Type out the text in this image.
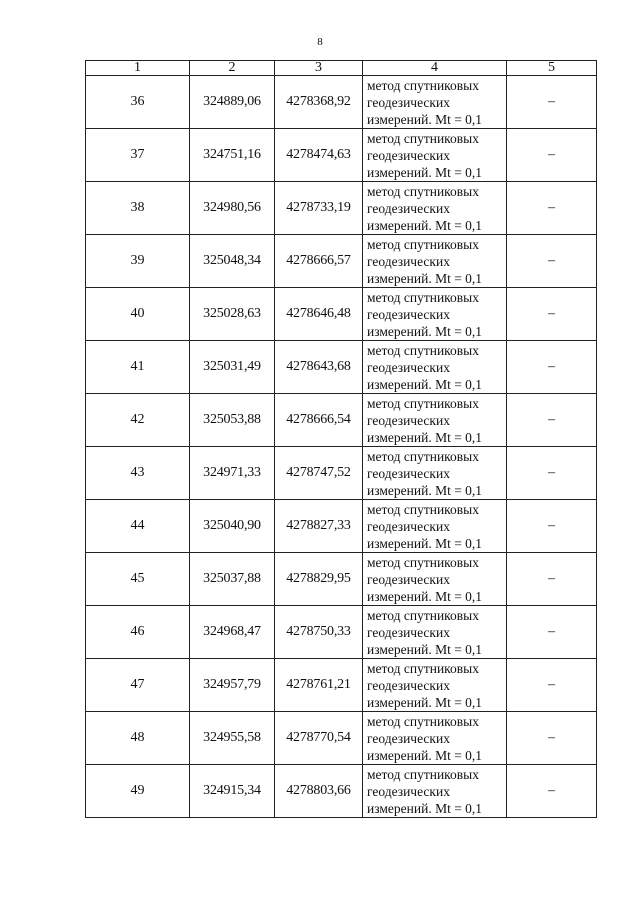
8
1	2	3	4	5
36	324889,06	4278368,92	метод спутниковых
геодезических
измерений. Mt = 0,1	–
37	324751,16	4278474,63	метод спутниковых
геодезических
измерений. Mt = 0,1	–
38	324980,56	4278733,19	метод спутниковых
геодезических
измерений. Mt = 0,1	–
39	325048,34	4278666,57	метод спутниковых
геодезических
измерений. Mt = 0,1	–
40	325028,63	4278646,48	метод спутниковых
геодезических
измерений. Mt = 0,1	–
41	325031,49	4278643,68	метод спутниковых
геодезических
измерений. Mt = 0,1	–
42	325053,88	4278666,54	метод спутниковых
геодезических
измерений. Mt = 0,1	–
43	324971,33	4278747,52	метод спутниковых
геодезических
измерений. Mt = 0,1	–
44	325040,90	4278827,33	метод спутниковых
геодезических
измерений. Mt = 0,1	–
45	325037,88	4278829,95	метод спутниковых
геодезических
измерений. Mt = 0,1	–
46	324968,47	4278750,33	метод спутниковых
геодезических
измерений. Mt = 0,1	–
47	324957,79	4278761,21	метод спутниковых
геодезических
измерений. Mt = 0,1	–
48	324955,58	4278770,54	метод спутниковых
геодезических
измерений. Mt = 0,1	–
49	324915,34	4278803,66	метод спутниковых
геодезических
измерений. Mt = 0,1	–
